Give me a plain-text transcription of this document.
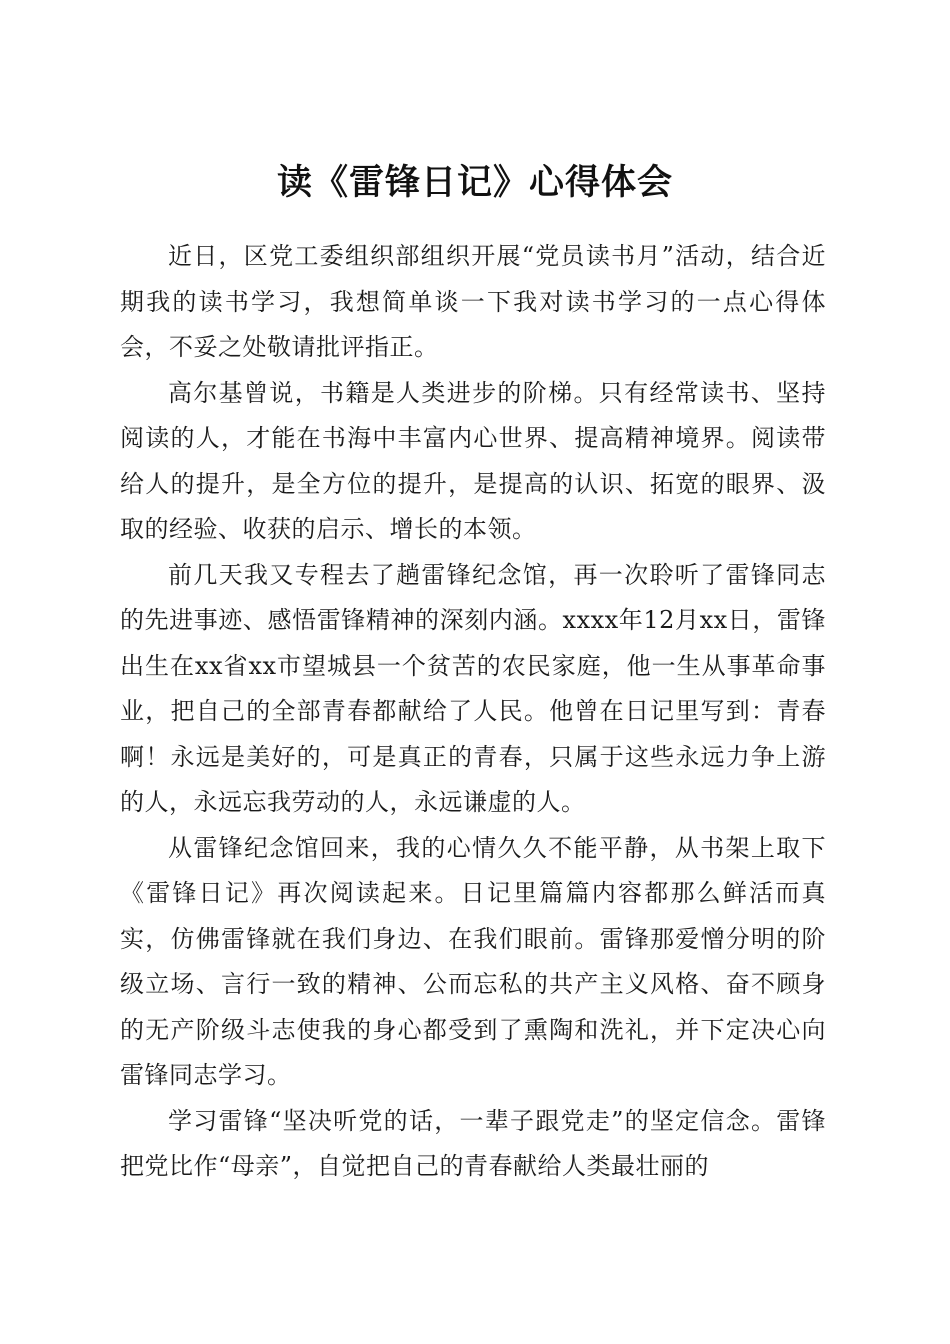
读《雷锋日记》心得体会

近日，区党工委组织部组织开展“党员读书月”活动，结合近期我的读书学习，我想简单谈一下我对读书学习的一点心得体会，不妥之处敬请批评指正。

高尔基曾说，书籍是人类进步的阶梯。只有经常读书、坚持阅读的人，才能在书海中丰富内心世界、提高精神境界。阅读带给人的提升，是全方位的提升，是提高的认识、拓宽的眼界、汲取的经验、收获的启示、增长的本领。

前几天我又专程去了趟雷锋纪念馆，再一次聆听了雷锋同志的先进事迹、感悟雷锋精神的深刻内涵。xxxx年12月xx日，雷锋出生在xx省xx市望城县一个贫苦的农民家庭，他一生从事革命事业，把自己的全部青春都献给了人民。他曾在日记里写到：青春啊！永远是美好的，可是真正的青春，只属于这些永远力争上游的人，永远忘我劳动的人，永远谦虚的人。

从雷锋纪念馆回来，我的心情久久不能平静，从书架上取下《雷锋日记》再次阅读起来。日记里篇篇内容都那么鲜活而真实，仿佛雷锋就在我们身边、在我们眼前。雷锋那爱憎分明的阶级立场、言行一致的精神、公而忘私的共产主义风格、奋不顾身的无产阶级斗志使我的身心都受到了熏陶和洗礼，并下定决心向雷锋同志学习。

学习雷锋“坚决听党的话，一辈子跟党走”的坚定信念。雷锋把党比作“母亲”，自觉把自己的青春献给人类最壮丽的
